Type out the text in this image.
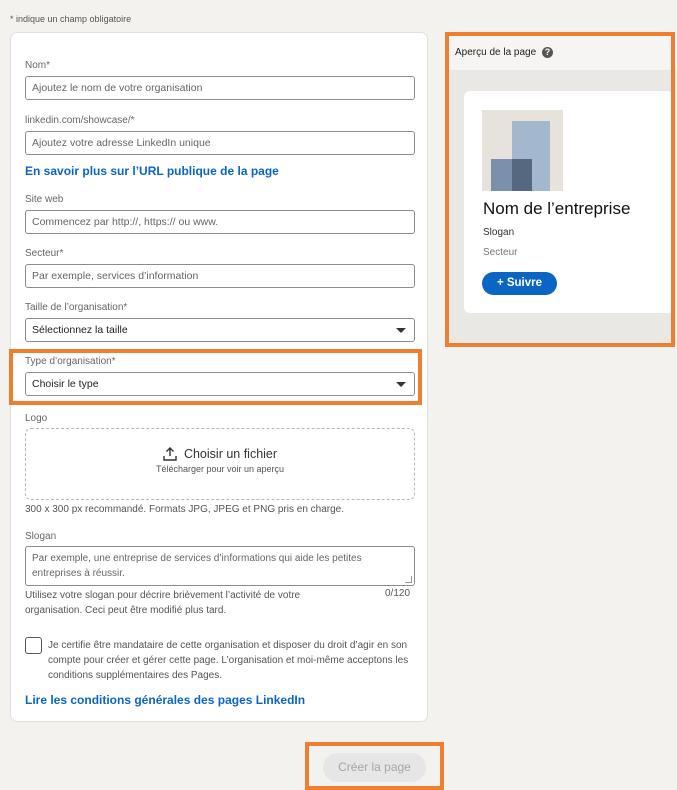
* indique un champ obligatoire
Nom*
Ajoutez le nom de votre organisation
linkedin.com/showcase/*
Ajoutez votre adresse LinkedIn unique
En savoir plus sur l’URL publique de la page
Site web
Commencez par http://, https:// ou www.
Secteur*
Par exemple, services d’information
Taille de l’organisation*
Sélectionnez la taille
Type d’organisation*
Choisir le type
Logo
Choisir un fichier
Télécharger pour voir un aperçu
300 x 300 px recommandé. Formats JPG, JPEG et PNG pris en charge.
Slogan
Par exemple, une entreprise de services d’informations qui aide les petites entreprises à réussir.
Utilisez votre slogan pour décrire brièvement l’activité de votre organisation. Ceci peut être modifié plus tard.
0/120
Je certifie être mandataire de cette organisation et disposer du droit d’agir en son compte pour créer et gérer cette page. L’organisation et moi-même acceptons les conditions supplémentaires des Pages.
Lire les conditions générales des pages LinkedIn
Créer la page
Aperçu de la page ?
Nom de l’entreprise
Slogan
Secteur
+ Suivre
